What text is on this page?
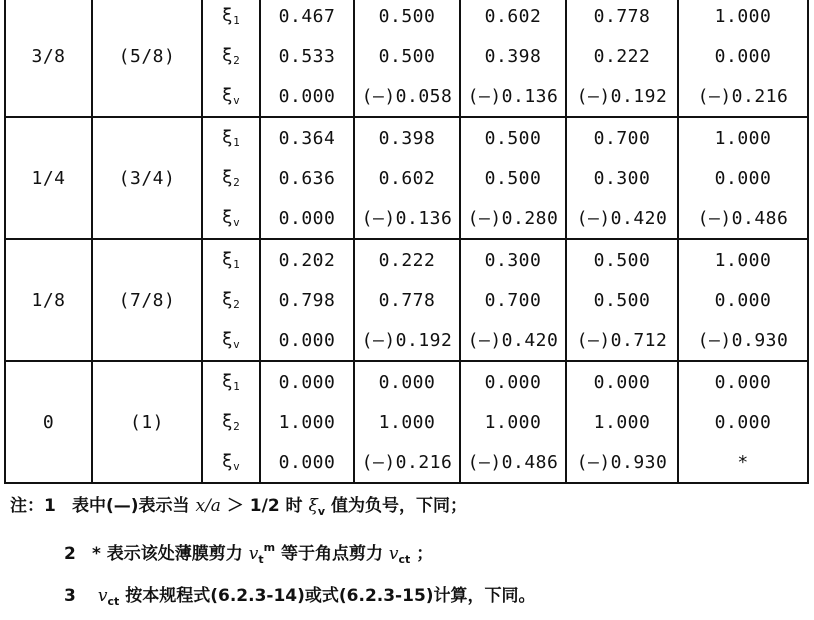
3/8	(5/8)	ξ1	0.467	0.500	0.602	0.778	1.000
		ξ2	0.533	0.500	0.398	0.222	0.000
		ξv	0.000	(—)0.058	(—)0.136	(—)0.192	(—)0.216
1/4	(3/4)	ξ1	0.364	0.398	0.500	0.700	1.000
		ξ2	0.636	0.602	0.500	0.300	0.000
		ξv	0.000	(—)0.136	(—)0.280	(—)0.420	(—)0.486
1/8	(7/8)	ξ1	0.202	0.222	0.300	0.500	1.000
		ξ2	0.798	0.778	0.700	0.500	0.000
		ξv	0.000	(—)0.192	(—)0.420	(—)0.712	(—)0.930
0	(1)	ξ1	0.000	0.000	0.000	0.000	0.000
		ξ2	1.000	1.000	1.000	1.000	0.000
		ξv	0.000	(—)0.216	(—)0.486	(—)0.930	*
注：1 表中(—)表示当 x/a ＞ 1/2 时 $\xi_v$ 值为负号，下同；
2 * 表示该处薄膜剪力 $v_t^m$ 等于角点剪力 $v_{ct}$ ；
3 $v_{ct}$ 按本规程式(6.2.3-14)或式(6.2.3-15)计算，下同。
